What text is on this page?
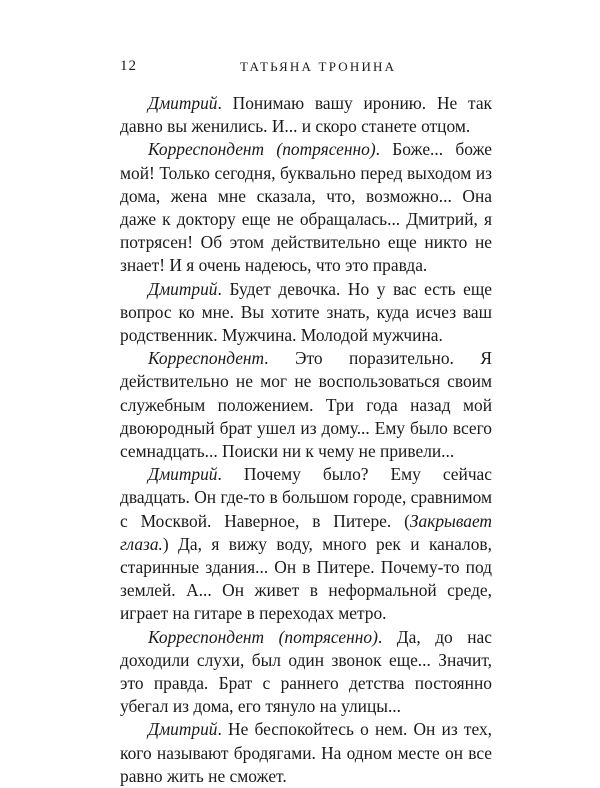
12	ТАТЬЯНА ТРОНИНА

Дмитрий. Понимаю вашу иронию. Не так давно вы женились. И... и скоро станете отцом.

Корреспондент (потрясенно). Боже... боже мой! Только сегодня, буквально перед выходом из дома, жена мне сказала, что, возможно... Она даже к доктору еще не обращалась... Дмитрий, я потрясен! Об этом действительно еще никто не знает! И я очень надеюсь, что это правда.

Дмитрий. Будет девочка. Но у вас есть еще вопрос ко мне. Вы хотите знать, куда исчез ваш родственник. Мужчина. Молодой мужчина.

Корреспондент. Это поразительно. Я действительно не мог не воспользоваться своим служебным положением. Три года назад мой двоюродный брат ушел из дому... Ему было всего семнадцать... Поиски ни к чему не привели...

Дмитрий. Почему было? Ему сейчас двадцать. Он где-то в большом городе, сравнимом с Москвой. Наверное, в Питере. (Закрывает глаза.) Да, я вижу воду, много рек и каналов, старинные здания... Он в Питере. Почему-то под землей. А... Он живет в неформальной среде, играет на гитаре в переходах метро.

Корреспондент (потрясенно). Да, до нас доходили слухи, был один звонок еще... Значит, это правда. Брат с раннего детства постоянно убегал из дома, его тянуло на улицы...

Дмитрий. Не беспокойтесь о нем. Он из тех, кого называют бродягами. На одном месте он все равно жить не сможет.
